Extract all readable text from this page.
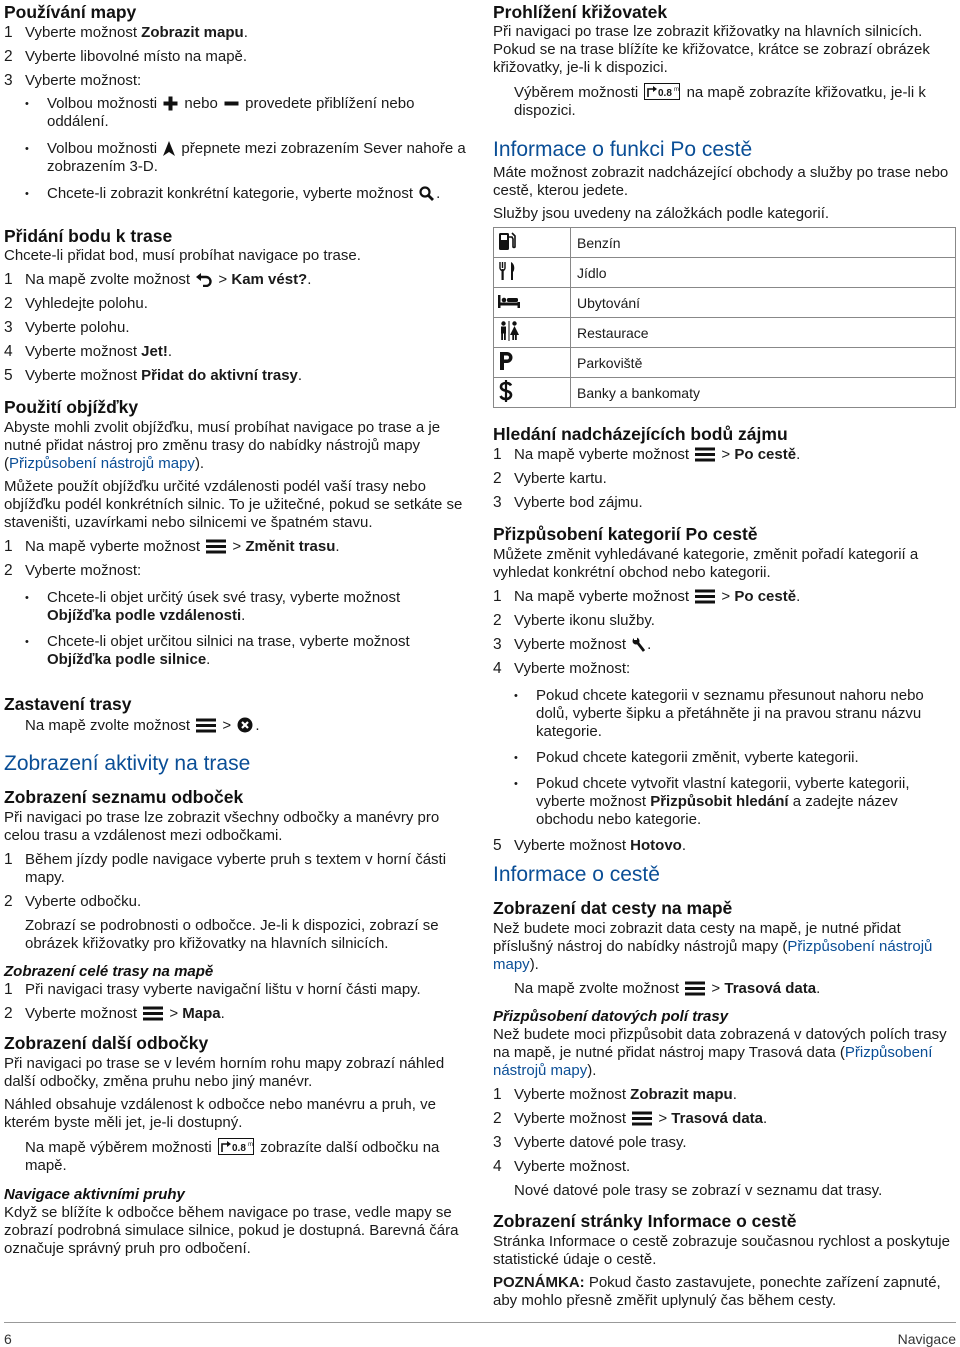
Používání mapy
1 Vyberte možnost Zobrazit mapu.
2 Vyberte libovolné místo na mapě.
3 Vyberte možnost:
• Volbou možnosti nebo provedete přiblížení nebo oddálení.
• Volbou možnosti přepnete mezi zobrazením Sever nahoře a zobrazením 3-D.
• Chcete-li zobrazit konkrétní kategorie, vyberte možnost .
Přidání bodu k trase

Chcete-li přidat bod, musí probíhat navigace po trase.

1 Na mapě zvolte možnost > Kam vést?.
2 Vyhledejte polohu.
3 Vyberte polohu.
4 Vyberte možnost Jet!.
5 Vyberte možnost Přidat do aktivní trasy.
Použití objížďky

Abyste mohli zvolit objížďku, musí probíhat navigace po trase a je nutné přidat nástroj pro změnu trasy do nabídky nástrojů mapy (Přizpůsobení nástrojů mapy).

Můžete použít objížďku určité vzdálenosti podél vaší trasy nebo objížďku podél konkrétních silnic. To je užitečné, pokud se setkáte se staveništi, uzavírkami nebo silnicemi ve špatném stavu.

1 Na mapě vyberte možnost > Změnit trasu.
2 Vyberte možnost:
• Chcete-li objet určitý úsek své trasy, vyberte možnost Objížďka podle vzdálenosti.
• Chcete-li objet určitou silnici na trase, vyberte možnost Objížďka podle silnice.
Zastavení trasy

Na mapě zvolte možnost > .

Zobrazení aktivity na trase
Zobrazení seznamu odboček

Při navigaci po trase lze zobrazit všechny odbočky a manévry pro celou trasu a vzdálenost mezi odbočkami.

1 Během jízdy podle navigace vyberte pruh s textem v horní části mapy.
2 Vyberte odbočku.

Zobrazí se podrobnosti o odbočce. Je-li k dispozici, zobrazí se obrázek křižovatky pro křižovatky na hlavních silnicích.

Zobrazení celé trasy na mapě
1 Při navigaci trasy vyberte navigační lištu v horní části mapy.
2 Vyberte možnost > Mapa.
Zobrazení další odbočky

Při navigaci po trase se v levém horním rohu mapy zobrazí náhled další odbočky, změna pruhu nebo jiný manévr.

Náhled obsahuje vzdálenost k odbočce nebo manévru a pruh, ve kterém byste měli jet, je-li dostupný.

Na mapě výběrem možnosti 0.8 mi zobrazíte další odbočku na mapě.

Navigace aktivními pruhy

Když se blížíte k odbočce během navigace po trase, vedle mapy se zobrazí podrobná simulace silnice, pokud je dostupná. Barevná čára označuje správný pruh pro odbočení.

Prohlížení křižovatek

Při navigaci po trase lze zobrazit křižovatky na hlavních silnicích. Pokud se na trase blížíte ke křižovatce, krátce se zobrazí obrázek křižovatky, je-li k dispozici.

Výběrem možnosti 0.8 mi na mapě zobrazíte křižovatku, je-li k dispozici.

Informace o funkci Po cestě

Máte možnost zobrazit nadcházející obchody a služby po trase nebo cestě, kterou jedete.

Služby jsou uvedeny na záložkách podle kategorií.

	Benzín
	Jídlo
	Ubytování
	Restaurace
	Parkoviště
	Banky a bankomaty
Hledání nadcházejících bodů zájmu
1 Na mapě vyberte možnost > Po cestě.
2 Vyberte kartu.
3 Vyberte bod zájmu.
Přizpůsobení kategorií Po cestě

Můžete změnit vyhledávané kategorie, změnit pořadí kategorií a vyhledat konkrétní obchod nebo kategorii.

1 Na mapě vyberte možnost > Po cestě.
2 Vyberte ikonu služby.
3 Vyberte možnost .
4 Vyberte možnost:
• Pokud chcete kategorii v seznamu přesunout nahoru nebo dolů, vyberte šipku a přetáhněte ji na pravou stranu názvu kategorie.
• Pokud chcete kategorii změnit, vyberte kategorii.
• Pokud chcete vytvořit vlastní kategorii, vyberte kategorii, vyberte možnost Přizpůsobit hledání a zadejte název obchodu nebo kategorie.
5 Vyberte možnost Hotovo.
Informace o cestě
Zobrazení dat cesty na mapě

Než budete moci zobrazit data cesty na mapě, je nutné přidat příslušný nástroj do nabídky nástrojů mapy (Přizpůsobení nástrojů mapy).

Na mapě zvolte možnost > Trasová data.

Přizpůsobení datových polí trasy

Než budete moci přizpůsobit data zobrazená v datových polích trasy na mapě, je nutné přidat nástroj mapy Trasová data (Přizpůsobení nástrojů mapy).

1 Vyberte možnost Zobrazit mapu.
2 Vyberte možnost > Trasová data.
3 Vyberte datové pole trasy.
4 Vyberte možnost.

Nové datové pole trasy se zobrazí v seznamu dat trasy.

Zobrazení stránky Informace o cestě

Stránka Informace o cestě zobrazuje současnou rychlost a poskytuje statistické údaje o cestě.

POZNÁMKA: Pokud často zastavujete, ponechte zařízení zapnuté, aby mohlo přesně změřit uplynulý čas během cesty.

6	Navigace
